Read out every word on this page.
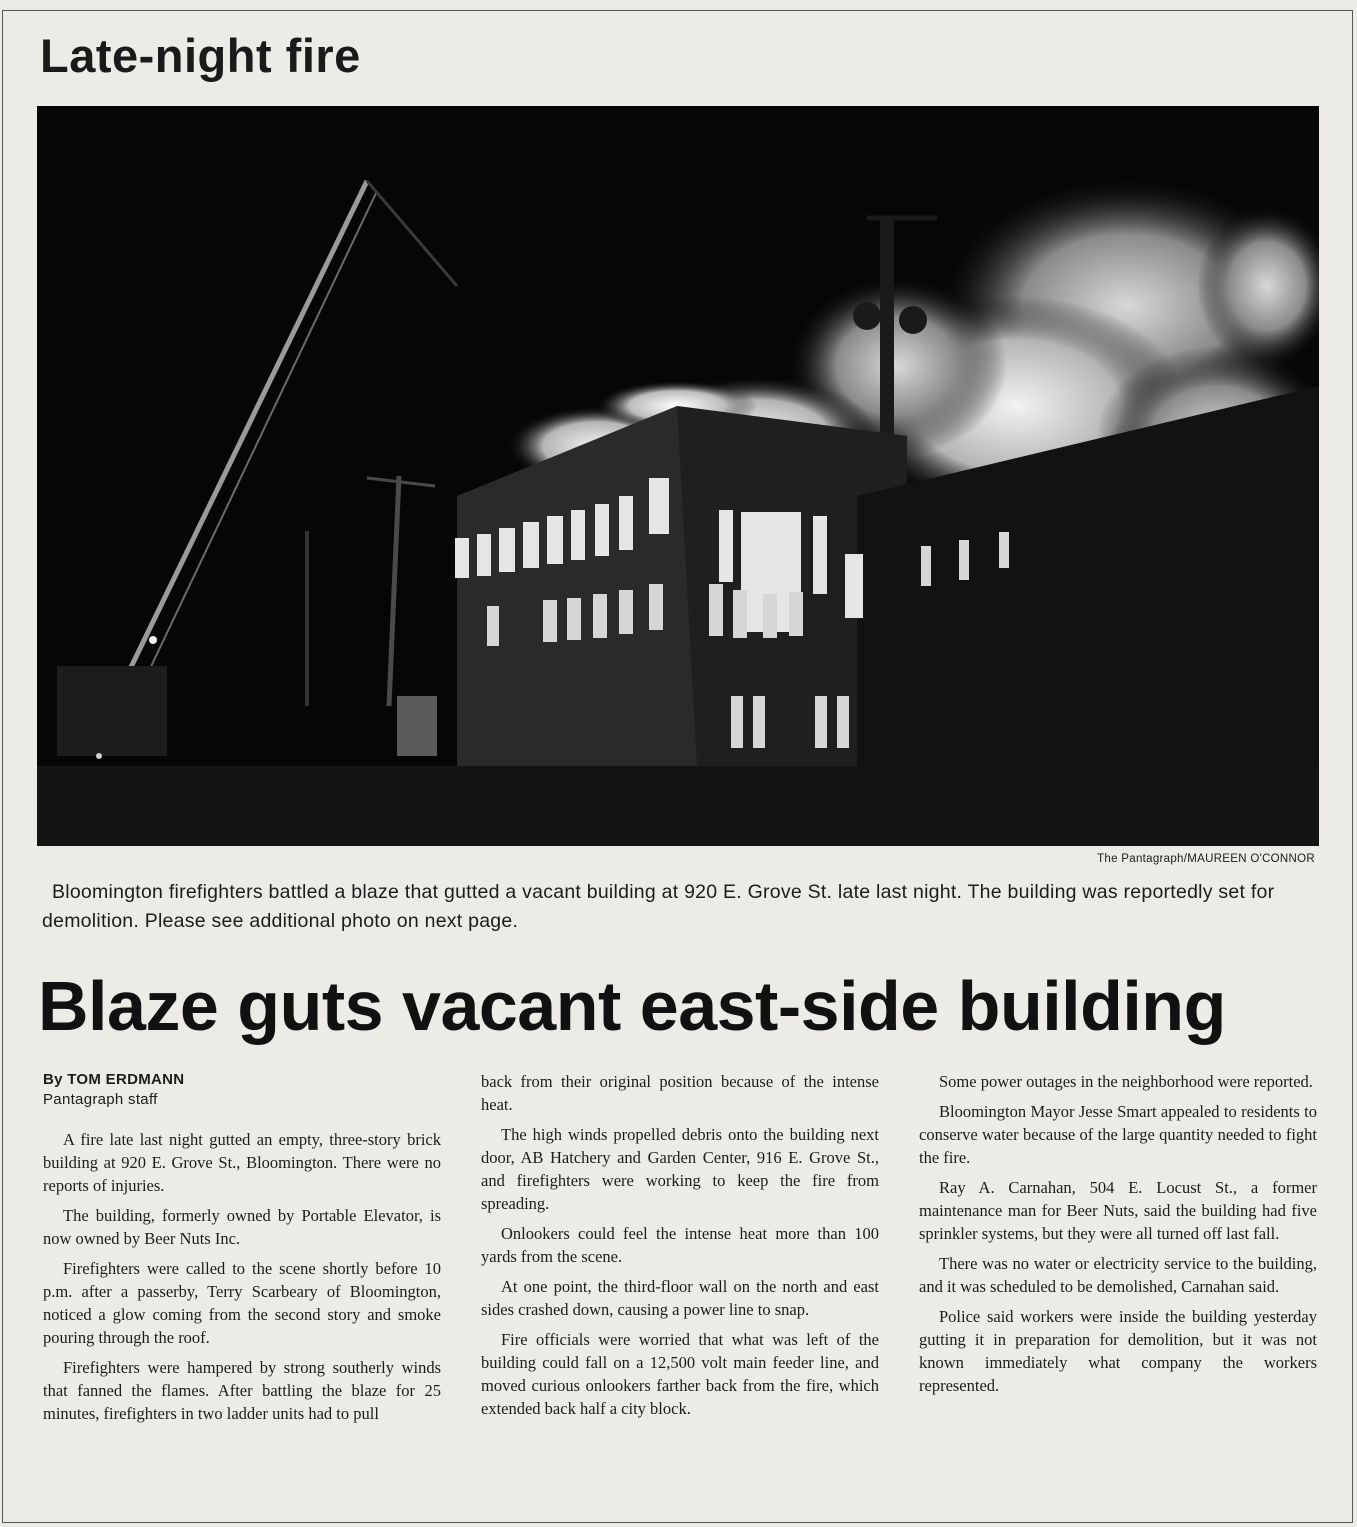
Late-night fire
The Pantagraph/MAUREEN O'CONNOR

Bloomington firefighters battled a blaze that gutted a vacant building at 920 E. Grove St. late last night. The building was reportedly set for demolition. Please see additional photo on next page.

Blaze guts vacant east-side building
By TOM ERDMANN
Pantagraph staff

A fire late last night gutted an empty, three-story brick building at 920 E. Grove St., Bloomington. There were no reports of injuries.

The building, formerly owned by Portable Elevator, is now owned by Beer Nuts Inc.

Firefighters were called to the scene shortly before 10 p.m. after a passerby, Terry Scarbeary of Bloomington, noticed a glow coming from the second story and smoke pouring through the roof.

Firefighters were hampered by strong southerly winds that fanned the flames. After battling the blaze for 25 minutes, firefighters in two ladder units had to pull

back from their original position because of the intense heat.

The high winds propelled debris onto the building next door, AB Hatchery and Garden Center, 916 E. Grove St., and firefighters were working to keep the fire from spreading.

Onlookers could feel the intense heat more than 100 yards from the scene.

At one point, the third-floor wall on the north and east sides crashed down, causing a power line to snap.

Fire officials were worried that what was left of the building could fall on a 12,500 volt main feeder line, and moved curious onlookers farther back from the fire, which extended back half a city block.

Some power outages in the neighborhood were reported.

Bloomington Mayor Jesse Smart appealed to residents to conserve water because of the large quantity needed to fight the fire.

Ray A. Carnahan, 504 E. Locust St., a former maintenance man for Beer Nuts, said the building had five sprinkler systems, but they were all turned off last fall.

There was no water or electricity service to the building, and it was scheduled to be demolished, Carnahan said.

Police said workers were inside the building yesterday gutting it in preparation for demolition, but it was not known immediately what company the workers represented.
